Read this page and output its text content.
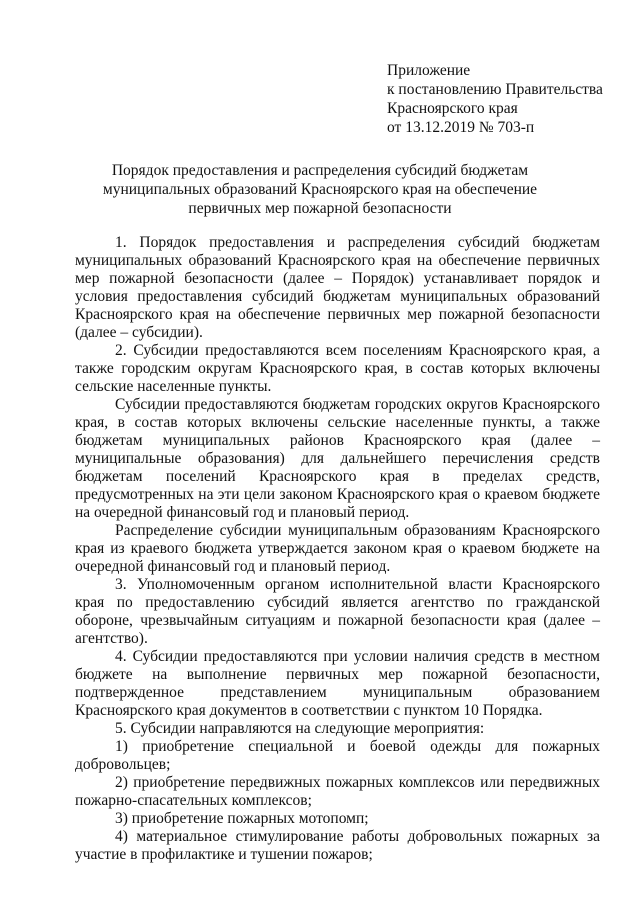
Приложение
к постановлению Правительства
Красноярского края
от 13.12.2019 № 703-п
Порядок предоставления и распределения субсидий бюджетам
муниципальных образований Красноярского края на обеспечение
первичных мер пожарной безопасности

1. Порядок предоставления и распределения субсидий бюджетам муниципальных образований Красноярского края на обеспечение первичных мер пожарной безопасности (далее – Порядок) устанавливает порядок и условия предоставления субсидий бюджетам муниципальных образований Красноярского края на обеспечение первичных мер пожарной безопасности (далее – субсидии).

2. Субсидии предоставляются всем поселениям Красноярского края, а также городским округам Красноярского края, в состав которых включены сельские населенные пункты.

Субсидии предоставляются бюджетам городских округов Красноярского края, в состав которых включены сельские населенные пункты, а также бюджетам муниципальных районов Красноярского края (далее – муниципальные образования) для дальнейшего перечисления средств бюджетам поселений Красноярского края в пределах средств, предусмотренных на эти цели законом Красноярского края о краевом бюджете на очередной финансовый год и плановый период.

Распределение субсидии муниципальным образованиям Красноярского края из краевого бюджета утверждается законом края о краевом бюджете на очередной финансовый год и плановый период.

3. Уполномоченным органом исполнительной власти Красноярского края по предоставлению субсидий является агентство по гражданской обороне, чрезвычайным ситуациям и пожарной безопасности края (далее – агентство).

4. Субсидии предоставляются при условии наличия средств в местном бюджете на выполнение первичных мер пожарной безопасности, подтвержденное представлением муниципальным образованием Красноярского края документов в соответствии с пунктом 10 Порядка.

5. Субсидии направляются на следующие мероприятия:

1) приобретение специальной и боевой одежды для пожарных добровольцев;

2) приобретение передвижных пожарных комплексов или передвижных пожарно-спасательных комплексов;

3) приобретение пожарных мотопомп;

4) материальное стимулирование работы добровольных пожарных за участие в профилактике и тушении пожаров;
